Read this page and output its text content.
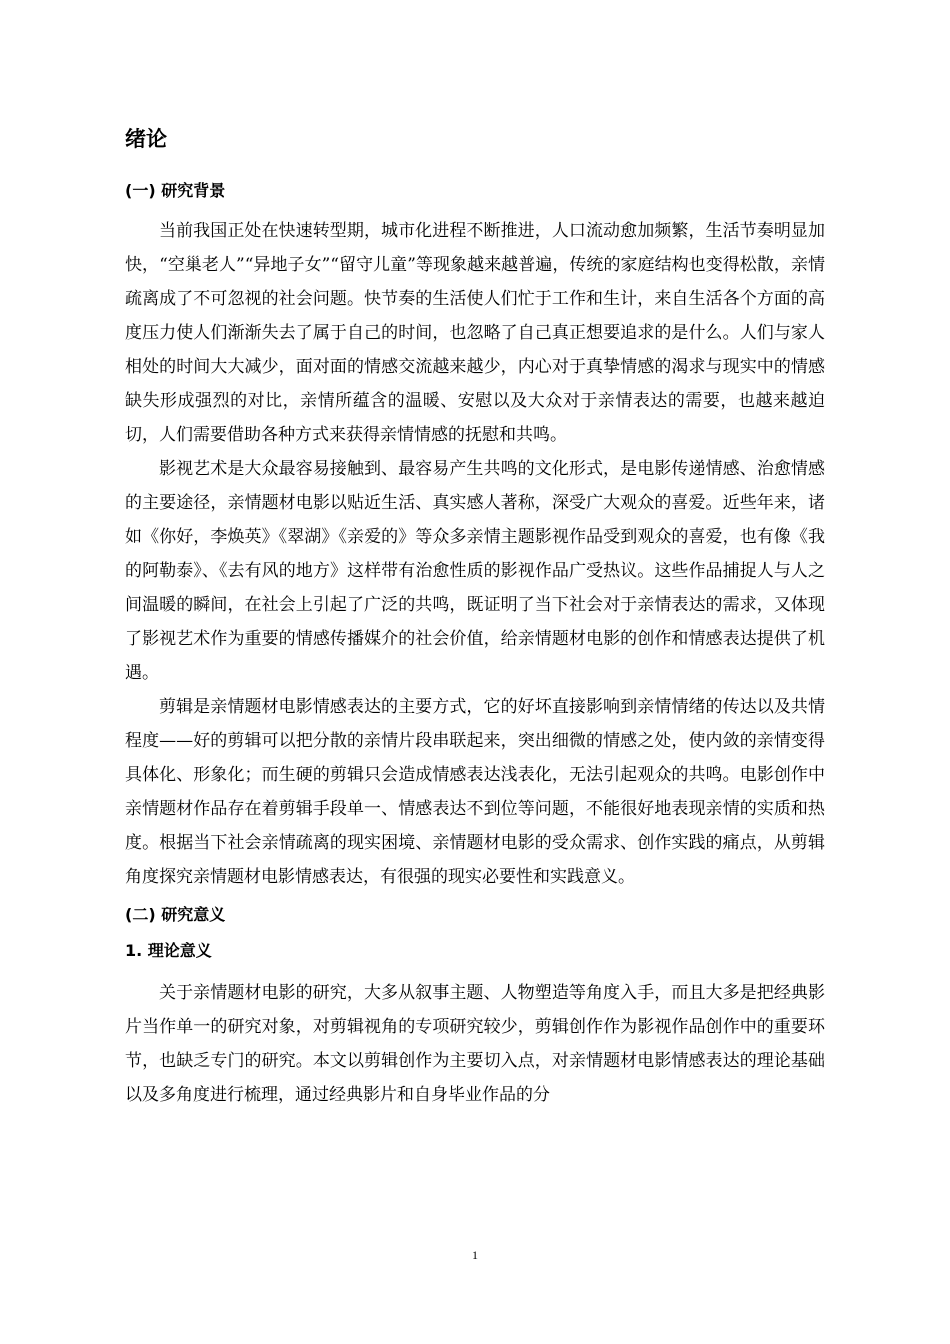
绪论
(一) 研究背景

当前我国正处在快速转型期，城市化进程不断推进，人口流动愈加频繁，生活节奏明显加快，“空巢老人”“异地子女”“留守儿童”等现象越来越普遍，传统的家庭结构也变得松散，亲情疏离成了不可忽视的社会问题。快节奏的生活使人们忙于工作和生计，来自生活各个方面的高度压力使人们渐渐失去了属于自己的时间，也忽略了自己真正想要追求的是什么。人们与家人相处的时间大大减少，面对面的情感交流越来越少，内心对于真挚情感的渴求与现实中的情感缺失形成强烈的对比，亲情所蕴含的温暖、安慰以及大众对于亲情表达的需要，也越来越迫切，人们需要借助各种方式来获得亲情情感的抚慰和共鸣。

影视艺术是大众最容易接触到、最容易产生共鸣的文化形式，是电影传递情感、治愈情感的主要途径，亲情题材电影以贴近生活、真实感人著称，深受广大观众的喜爱。近些年来，诸如《你好，李焕英》《翠湖》《亲爱的》等众多亲情主题影视作品受到观众的喜爱，也有像《我的阿勒泰》、《去有风的地方》这样带有治愈性质的影视作品广受热议。这些作品捕捉人与人之间温暖的瞬间，在社会上引起了广泛的共鸣，既证明了当下社会对于亲情表达的需求，又体现了影视艺术作为重要的情感传播媒介的社会价值，给亲情题材电影的创作和情感表达提供了机遇。

剪辑是亲情题材电影情感表达的主要方式，它的好坏直接影响到亲情情绪的传达以及共情程度——好的剪辑可以把分散的亲情片段串联起来，突出细微的情感之处，使内敛的亲情变得具体化、形象化；而生硬的剪辑只会造成情感表达浅表化，无法引起观众的共鸣。电影创作中亲情题材作品存在着剪辑手段单一、情感表达不到位等问题，不能很好地表现亲情的实质和热度。根据当下社会亲情疏离的现实困境、亲情题材电影的受众需求、创作实践的痛点，从剪辑角度探究亲情题材电影情感表达，有很强的现实必要性和实践意义。

(二) 研究意义
1. 理论意义

关于亲情题材电影的研究，大多从叙事主题、人物塑造等角度入手，而且大多是把经典影片当作单一的研究对象，对剪辑视角的专项研究较少，剪辑创作作为影视作品创作中的重要环节，也缺乏专门的研究。本文以剪辑创作为主要切入点，对亲情题材电影情感表达的理论基础以及多角度进行梳理，通过经典影片和自身毕业作品的分

1
